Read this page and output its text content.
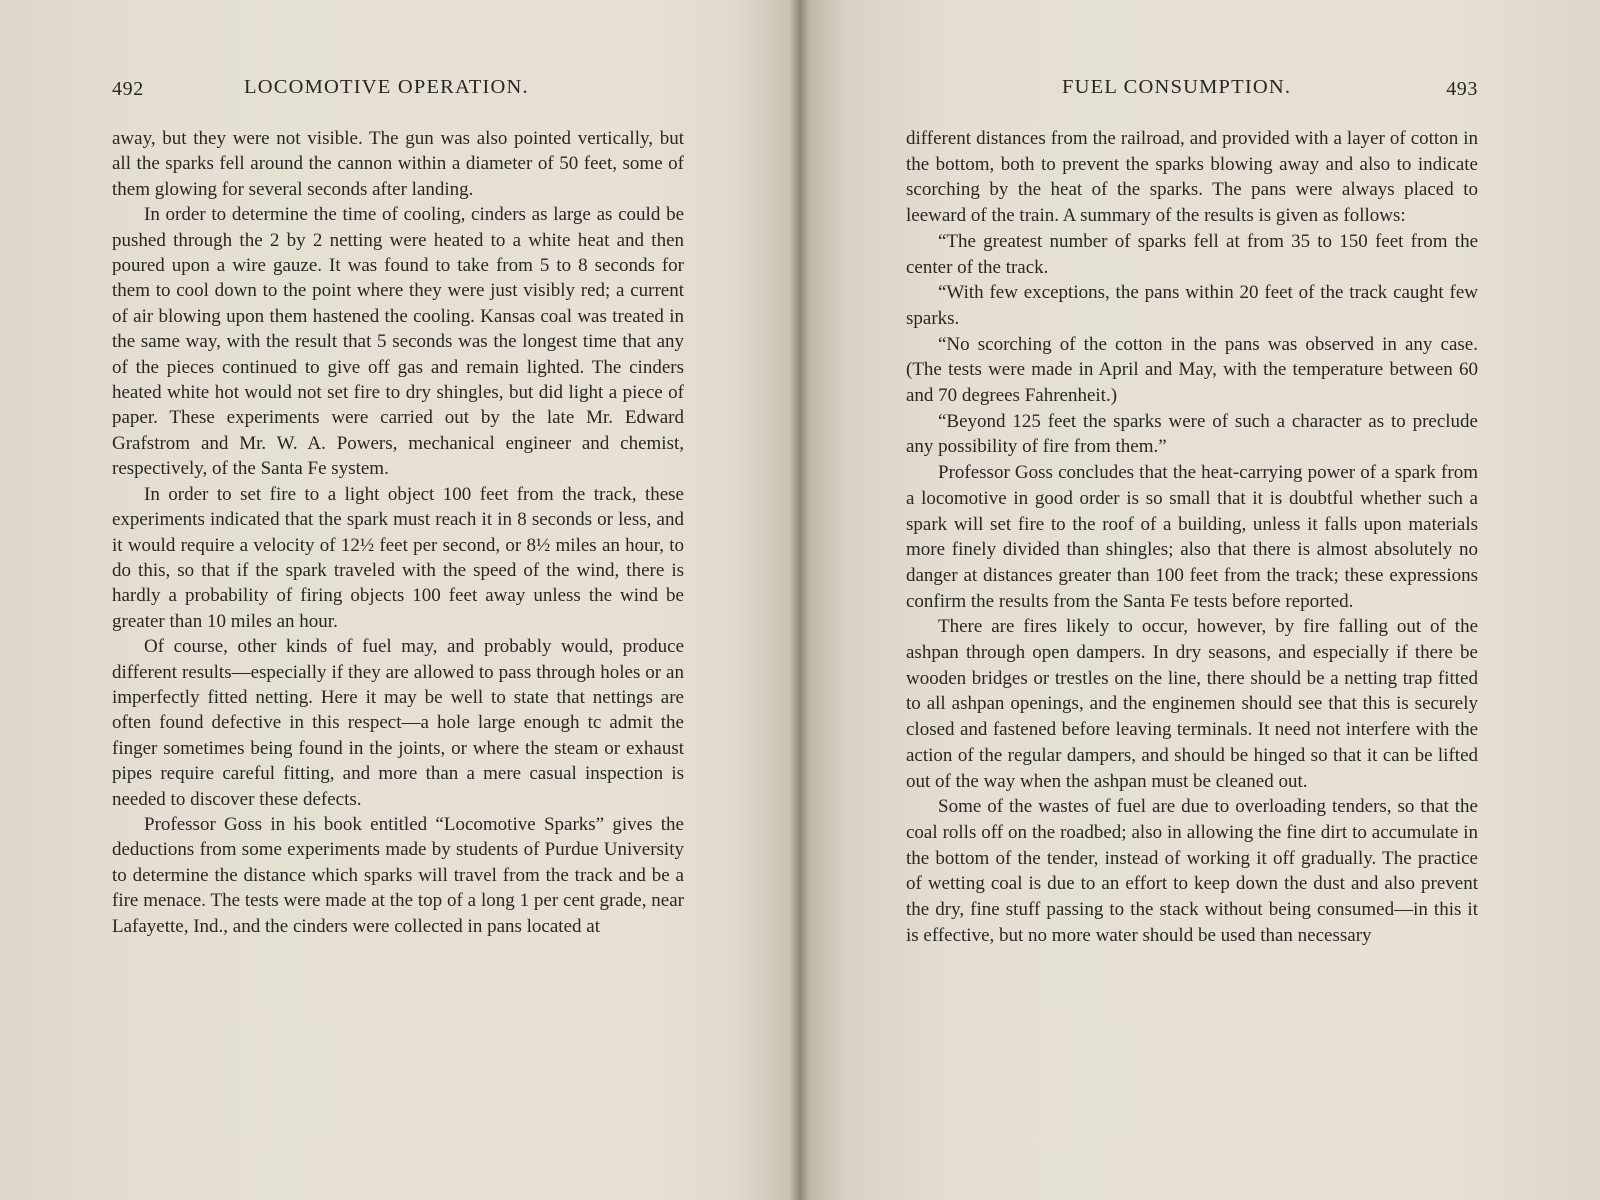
492	LOCOMOTIVE OPERATION.

away, but they were not visible. The gun was also pointed vertically, but all the sparks fell around the cannon within a diameter of 50 feet, some of them glowing for several seconds after landing.

In order to determine the time of cooling, cinders as large as could be pushed through the 2 by 2 netting were heated to a white heat and then poured upon a wire gauze. It was found to take from 5 to 8 seconds for them to cool down to the point where they were just visibly red; a current of air blowing upon them hastened the cooling. Kansas coal was treated in the same way, with the result that 5 seconds was the longest time that any of the pieces continued to give off gas and remain lighted. The cinders heated white hot would not set fire to dry shingles, but did light a piece of paper. These experiments were carried out by the late Mr. Edward Grafstrom and Mr. W. A. Powers, mechanical engineer and chemist, respectively, of the Santa Fe system.

In order to set fire to a light object 100 feet from the track, these experiments indicated that the spark must reach it in 8 seconds or less, and it would require a velocity of 12½ feet per second, or 8½ miles an hour, to do this, so that if the spark traveled with the speed of the wind, there is hardly a probability of firing objects 100 feet away unless the wind be greater than 10 miles an hour.

Of course, other kinds of fuel may, and probably would, produce different results—especially if they are allowed to pass through holes or an imperfectly fitted netting. Here it may be well to state that nettings are often found defective in this respect—a hole large enough tc admit the finger sometimes being found in the joints, or where the steam or exhaust pipes require careful fitting, and more than a mere casual inspection is needed to discover these defects.

Professor Goss in his book entitled “Locomotive Sparks” gives the deductions from some experiments made by students of Purdue University to determine the distance which sparks will travel from the track and be a fire menace. The tests were made at the top of a long 1 per cent grade, near Lafayette, Ind., and the cinders were collected in pans located at

FUEL CONSUMPTION.	493

different distances from the railroad, and provided with a layer of cotton in the bottom, both to prevent the sparks blowing away and also to indicate scorching by the heat of the sparks. The pans were always placed to leeward of the train. A summary of the results is given as follows:

“The greatest number of sparks fell at from 35 to 150 feet from the center of the track.

“With few exceptions, the pans within 20 feet of the track caught few sparks.

“No scorching of the cotton in the pans was observed in any case. (The tests were made in April and May, with the temperature between 60 and 70 degrees Fahrenheit.)

“Beyond 125 feet the sparks were of such a character as to preclude any possibility of fire from them.”

Professor Goss concludes that the heat-carrying power of a spark from a locomotive in good order is so small that it is doubtful whether such a spark will set fire to the roof of a building, unless it falls upon materials more finely divided than shingles; also that there is almost absolutely no danger at distances greater than 100 feet from the track; these expressions confirm the results from the Santa Fe tests before reported.

There are fires likely to occur, however, by fire falling out of the ashpan through open dampers. In dry seasons, and especially if there be wooden bridges or trestles on the line, there should be a netting trap fitted to all ashpan openings, and the enginemen should see that this is securely closed and fastened before leaving terminals. It need not interfere with the action of the regular dampers, and should be hinged so that it can be lifted out of the way when the ashpan must be cleaned out.

Some of the wastes of fuel are due to overloading tenders, so that the coal rolls off on the roadbed; also in allowing the fine dirt to accumulate in the bottom of the tender, instead of working it off gradually. The practice of wetting coal is due to an effort to keep down the dust and also prevent the dry, fine stuff passing to the stack without being consumed—in this it is effective, but no more water should be used than necessary
